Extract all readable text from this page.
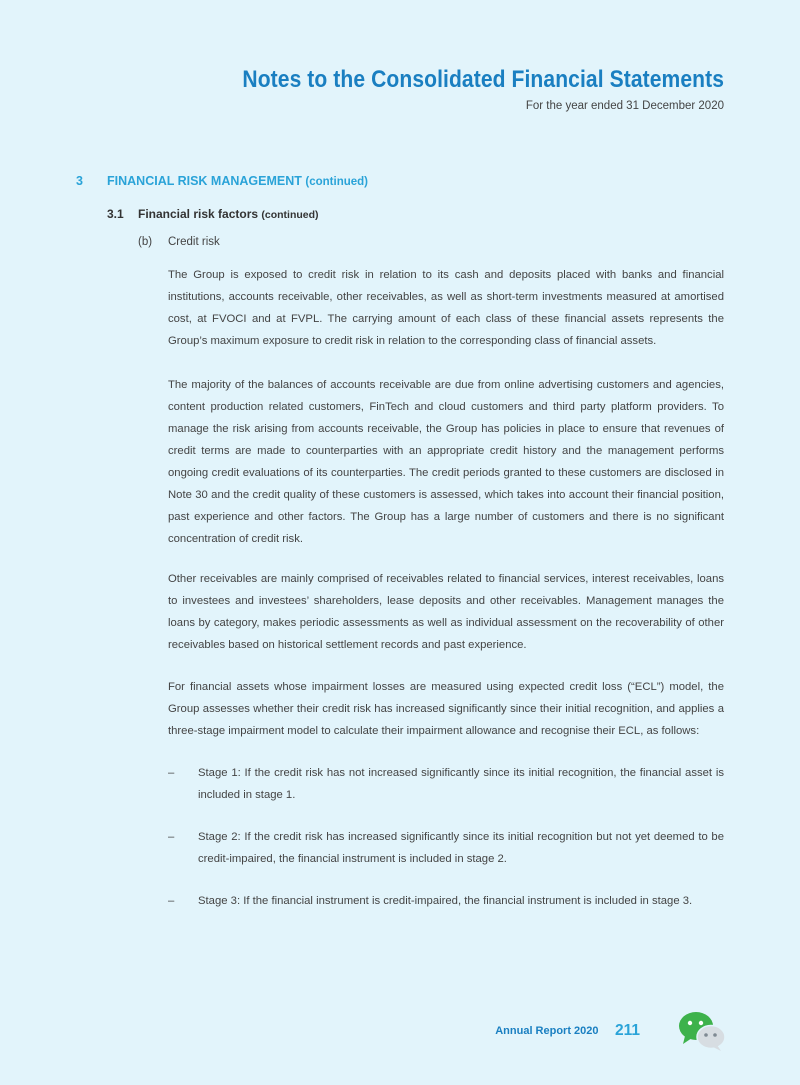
Notes to the Consolidated Financial Statements
For the year ended 31 December 2020
3 FINANCIAL RISK MANAGEMENT (continued)
3.1 Financial risk factors (continued)
(b) Credit risk

The Group is exposed to credit risk in relation to its cash and deposits placed with banks and financial institutions, accounts receivable, other receivables, as well as short-term investments measured at amortised cost, at FVOCI and at FVPL. The carrying amount of each class of these financial assets represents the Group’s maximum exposure to credit risk in relation to the corresponding class of financial assets.

The majority of the balances of accounts receivable are due from online advertising customers and agencies, content production related customers, FinTech and cloud customers and third party platform providers. To manage the risk arising from accounts receivable, the Group has policies in place to ensure that revenues of credit terms are made to counterparties with an appropriate credit history and the management performs ongoing credit evaluations of its counterparties. The credit periods granted to these customers are disclosed in Note 30 and the credit quality of these customers is assessed, which takes into account their financial position, past experience and other factors. The Group has a large number of customers and there is no significant concentration of credit risk.

Other receivables are mainly comprised of receivables related to financial services, interest receivables, loans to investees and investees’ shareholders, lease deposits and other receivables. Management manages the loans by category, makes periodic assessments as well as individual assessment on the recoverability of other receivables based on historical settlement records and past experience.

For financial assets whose impairment losses are measured using expected credit loss (“ECL”) model, the Group assesses whether their credit risk has increased significantly since their initial recognition, and applies a three-stage impairment model to calculate their impairment allowance and recognise their ECL, as follows:

– Stage 1: If the credit risk has not increased significantly since its initial recognition, the financial asset is included in stage 1.
– Stage 2: If the credit risk has increased significantly since its initial recognition but not yet deemed to be credit-impaired, the financial instrument is included in stage 2.
– Stage 3: If the financial instrument is credit-impaired, the financial instrument is included in stage 3.
Annual Report 2020 211
